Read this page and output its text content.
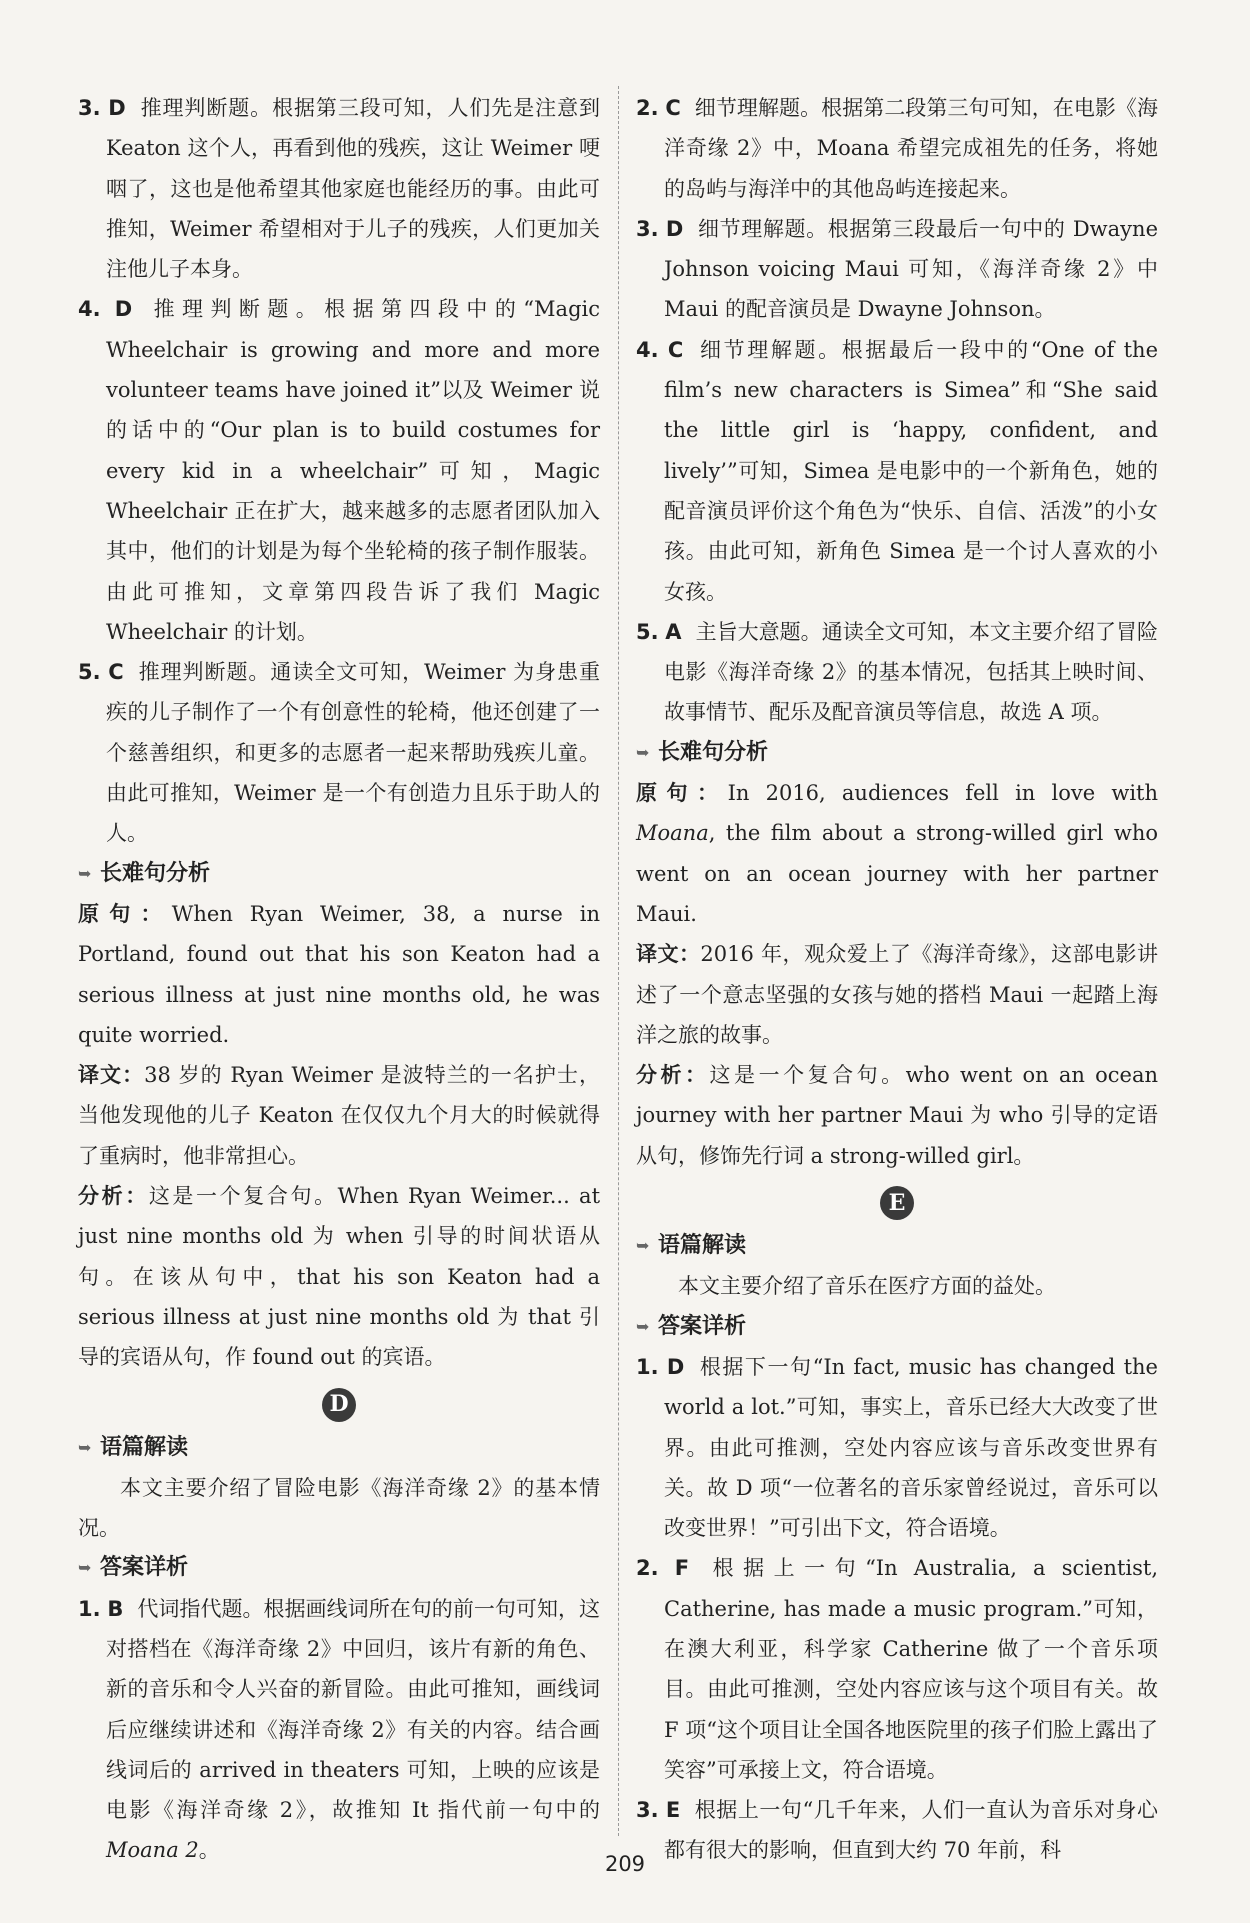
3. D 推理判断题。根据第三段可知，人们先是注意到 Keaton 这个人，再看到他的残疾，这让 Weimer 哽咽了，这也是他希望其他家庭也能经历的事。由此可推知，Weimer 希望相对于儿子的残疾，人们更加关注他儿子本身。

4. D 推理判断题。根据第四段中的“Magic Wheelchair is growing and more and more volunteer teams have joined it”以及 Weimer 说的话中的“Our plan is to build costumes for every kid in a wheelchair”可知，Magic Wheelchair 正在扩大，越来越多的志愿者团队加入其中，他们的计划是为每个坐轮椅的孩子制作服装。由此可推知，文章第四段告诉了我们 Magic Wheelchair 的计划。

5. C 推理判断题。通读全文可知，Weimer 为身患重疾的儿子制作了一个有创意性的轮椅，他还创建了一个慈善组织，和更多的志愿者一起来帮助残疾儿童。由此可推知，Weimer 是一个有创造力且乐于助人的人。

➥ 长难句分析

原句：When Ryan Weimer, 38, a nurse in Portland, found out that his son Keaton had a serious illness at just nine months old, he was quite worried.

译文：38 岁的 Ryan Weimer 是波特兰的一名护士，当他发现他的儿子 Keaton 在仅仅九个月大的时候就得了重病时，他非常担心。

分析：这是一个复合句。When Ryan Weimer... at just nine months old 为 when 引导的时间状语从句。在该从句中，that his son Keaton had a serious illness at just nine months old 为 that 引导的宾语从句，作 found out 的宾语。

D

➥ 语篇解读

本文主要介绍了冒险电影《海洋奇缘 2》的基本情况。

➥ 答案详析

1. B 代词指代题。根据画线词所在句的前一句可知，这对搭档在《海洋奇缘 2》中回归，该片有新的角色、新的音乐和令人兴奋的新冒险。由此可推知，画线词后应继续讲述和《海洋奇缘 2》有关的内容。结合画线词后的 arrived in theaters 可知，上映的应该是电影《海洋奇缘 2》，故推知 It 指代前一句中的 Moana 2。

2. C 细节理解题。根据第二段第三句可知，在电影《海洋奇缘 2》中，Moana 希望完成祖先的任务，将她的岛屿与海洋中的其他岛屿连接起来。

3. D 细节理解题。根据第三段最后一句中的 Dwayne Johnson voicing Maui 可知，《海洋奇缘 2》中 Maui 的配音演员是 Dwayne Johnson。

4. C 细节理解题。根据最后一段中的“One of the film’s new characters is Simea”和“She said the little girl is ‘happy, confident, and lively’”可知，Simea 是电影中的一个新角色，她的配音演员评价这个角色为“快乐、自信、活泼”的小女孩。由此可知，新角色 Simea 是一个讨人喜欢的小女孩。

5. A 主旨大意题。通读全文可知，本文主要介绍了冒险电影《海洋奇缘 2》的基本情况，包括其上映时间、故事情节、配乐及配音演员等信息，故选 A 项。

➥ 长难句分析

原句：In 2016, audiences fell in love with Moana, the film about a strong-willed girl who went on an ocean journey with her partner Maui.

译文：2016 年，观众爱上了《海洋奇缘》，这部电影讲述了一个意志坚强的女孩与她的搭档 Maui 一起踏上海洋之旅的故事。

分析：这是一个复合句。who went on an ocean journey with her partner Maui 为 who 引导的定语从句，修饰先行词 a strong-willed girl。

E

➥ 语篇解读

本文主要介绍了音乐在医疗方面的益处。

➥ 答案详析

1. D 根据下一句“In fact, music has changed the world a lot.”可知，事实上，音乐已经大大改变了世界。由此可推测，空处内容应该与音乐改变世界有关。故 D 项“一位著名的音乐家曾经说过，音乐可以改变世界！”可引出下文，符合语境。

2. F 根据上一句“In Australia, a scientist, Catherine, has made a music program.”可知，在澳大利亚，科学家 Catherine 做了一个音乐项目。由此可推测，空处内容应该与这个项目有关。故 F 项“这个项目让全国各地医院里的孩子们脸上露出了笑容”可承接上文，符合语境。

3. E 根据上一句“几千年来，人们一直认为音乐对身心都有很大的影响，但直到大约 70 年前，科

209
